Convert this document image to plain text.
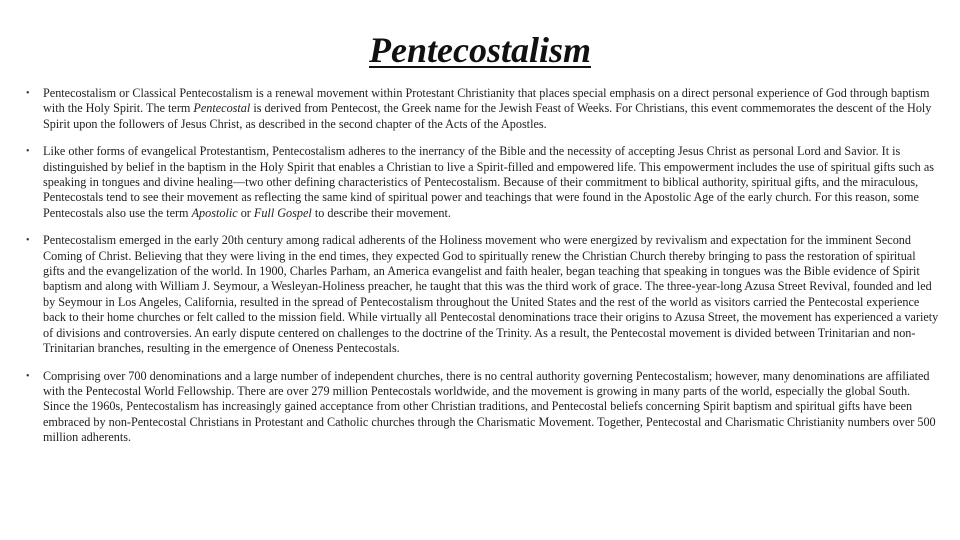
Pentecostalism
• Pentecostalism or Classical Pentecostalism is a renewal movement within Protestant Christianity that places special emphasis on a direct personal experience of God through baptism with the Holy Spirit. The term Pentecostal is derived from Pentecost, the Greek name for the Jewish Feast of Weeks. For Christians, this event commemorates the descent of the Holy Spirit upon the followers of Jesus Christ, as described in the second chapter of the Acts of the Apostles.
• Like other forms of evangelical Protestantism, Pentecostalism adheres to the inerrancy of the Bible and the necessity of accepting Jesus Christ as personal Lord and Savior. It is distinguished by belief in the baptism in the Holy Spirit that enables a Christian to live a Spirit-filled and empowered life. This empowerment includes the use of spiritual gifts such as speaking in tongues and divine healing—two other defining characteristics of Pentecostalism. Because of their commitment to biblical authority, spiritual gifts, and the miraculous, Pentecostals tend to see their movement as reflecting the same kind of spiritual power and teachings that were found in the Apostolic Age of the early church. For this reason, some Pentecostals also use the term Apostolic or Full Gospel to describe their movement.
• Pentecostalism emerged in the early 20th century among radical adherents of the Holiness movement who were energized by revivalism and expectation for the imminent Second Coming of Christ. Believing that they were living in the end times, they expected God to spiritually renew the Christian Church thereby bringing to pass the restoration of spiritual gifts and the evangelization of the world. In 1900, Charles Parham, an America evangelist and faith healer, began teaching that speaking in tongues was the Bible evidence of Spirit baptism and along with William J. Seymour, a Wesleyan-Holiness preacher, he taught that this was the third work of grace. The three-year-long Azusa Street Revival, founded and led by Seymour in Los Angeles, California, resulted in the spread of Pentecostalism throughout the United States and the rest of the world as visitors carried the Pentecostal experience back to their home churches or felt called to the mission field. While virtually all Pentecostal denominations trace their origins to Azusa Street, the movement has experienced a variety of divisions and controversies. An early dispute centered on challenges to the doctrine of the Trinity. As a result, the Pentecostal movement is divided between Trinitarian and non-Trinitarian branches, resulting in the emergence of Oneness Pentecostals.
• Comprising over 700 denominations and a large number of independent churches, there is no central authority governing Pentecostalism; however, many denominations are affiliated with the Pentecostal World Fellowship. There are over 279 million Pentecostals worldwide, and the movement is growing in many parts of the world, especially the global South. Since the 1960s, Pentecostalism has increasingly gained acceptance from other Christian traditions, and Pentecostal beliefs concerning Spirit baptism and spiritual gifts have been embraced by non-Pentecostal Christians in Protestant and Catholic churches through the Charismatic Movement. Together, Pentecostal and Charismatic Christianity numbers over 500 million adherents.
